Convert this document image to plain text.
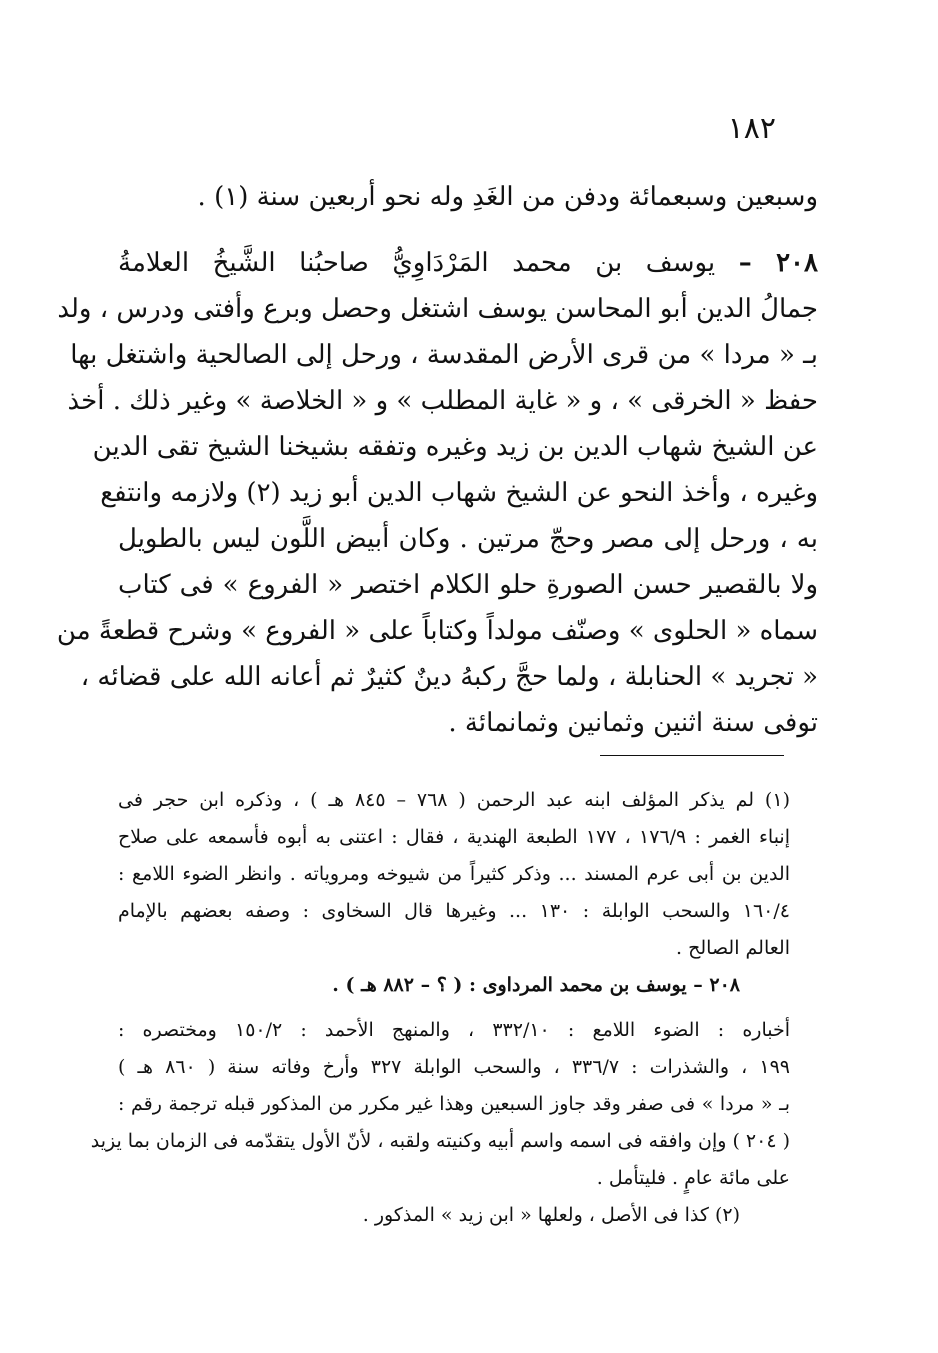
١٨٢
وسبعين وسبعمائة ودفن من الغَدِ وله نحو أربعين سنة (١) .
٢٠٨ – يوسف بن محمد المَرْدَاوِيُّ صاحبُنا الشَّيخُ العلامةُ
جمالُ الدين أبو المحاسن يوسف اشتغل وحصل وبرع وأفتى ودرس ، ولد
بـ « مردا » من قرى الأرض المقدسة ، ورحل إلى الصالحية واشتغل بها
حفظ « الخرقى » ، و « غاية المطلب » و « الخلاصة » وغير ذلك . أخذ
عن الشيخ شهاب الدين بن زيد وغيره وتفقه بشيخنا الشيخ تقى الدين
وغيره ، وأخذ النحو عن الشيخ شهاب الدين أبو زيد (٢) ولازمه وانتفع
به ، ورحل إلى مصر وحجّ مرتين . وكان أبيض اللَّون ليس بالطويل
ولا بالقصير حسن الصورةِ حلو الكلام اختصر « الفروع » فى كتاب
سماه « الحلوى » وصنّف مولداً وكتاباً على « الفروع » وشرح قطعةً من
« تجريد » الحنابلة ، ولما حجَّ ركبهُ دينٌ كثيرٌ ثم أعانه الله على قضائه ،
توفى سنة اثنين وثمانين وثمانمائة .
(١) لم يذكر المؤلف ابنه عبد الرحمن ( ٧٦٨ – ٨٤٥ هـ ) ، وذكره ابن حجر فى
إنباء الغمر : ١٧٦/٩ ، ١٧٧ الطبعة الهندية ، فقال : اعتنى به أبوه فأسمعه على صلاح
الدين بن أبى عرم المسند ... وذكر كثيراً من شيوخه ومروياته . وانظر الضوء اللامع :
١٦٠/٤ والسحب الوابلة : ١٣٠ ... وغيرها قال السخاوى : وصفه بعضهم بالإمام
العالم الصالح .
٢٠٨ – يوسف بن محمد المرداوى : ( ؟ – ٨٨٢ هـ ) .
أخباره : الضوء اللامع : ٣٣٢/١٠ ، والمنهج الأحمد : ١٥٠/٢ ومختصره :
١٩٩ ، والشذرات : ٣٣٦/٧ ، والسحب الوابلة ٣٢٧ وأرخ وفاته سنة ( ٨٦٠ هـ )
بـ « مردا » فى صفر وقد جاوز السبعين وهذا غير مكرر من المذكور قبله ترجمة رقم :
( ٢٠٤ ) وإن وافقه فى اسمه واسم أبيه وكنيته ولقبه ، لأنّ الأول يتقدّمه فى الزمان بما يزيد
على مائة عامٍ . فليتأمل .
(٢) كذا فى الأصل ، ولعلها « ابن زيد » المذكور .
